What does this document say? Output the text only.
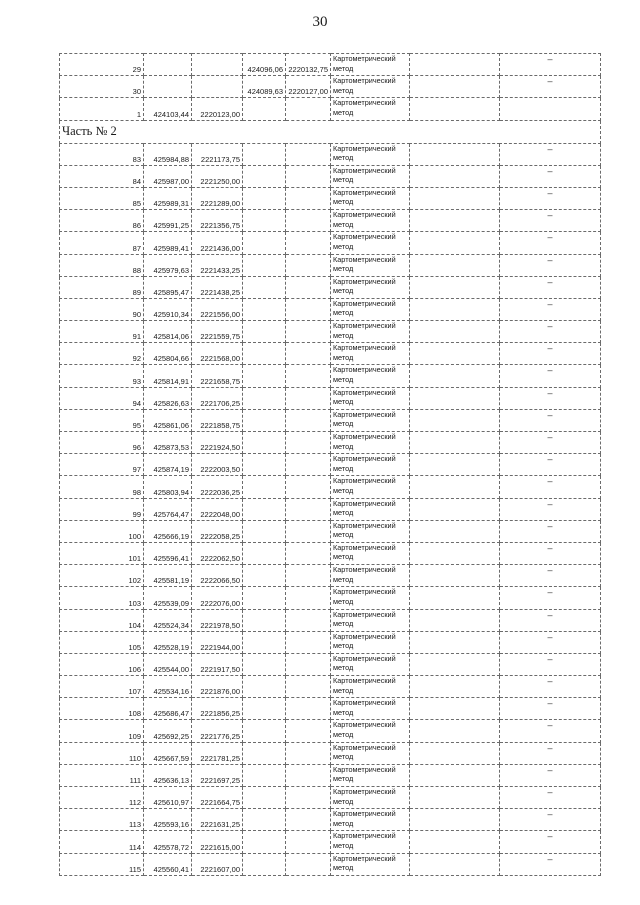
30
29			424096,06	2220132,75	Картометрический метод		–
30			424089,63	2220127,00	Картометрический метод		–
1	424103,44	2220123,00			Картометрический метод		
Часть № 2							
83	425984,88	2221173,75			Картометрический метод		–
84	425987,00	2221250,00			Картометрический метод		–
85	425989,31	2221289,00			Картометрический метод		–
86	425991,25	2221356,75			Картометрический метод		–
87	425989,41	2221436,00			Картометрический метод		–
88	425979,63	2221433,25			Картометрический метод		–
89	425895,47	2221438,25			Картометрический метод		–
90	425910,34	2221556,00			Картометрический метод		–
91	425814,06	2221559,75			Картометрический метод		–
92	425804,66	2221568,00			Картометрический метод		–
93	425814,91	2221658,75			Картометрический метод		–
94	425826,63	2221706,25			Картометрический метод		–
95	425861,06	2221858,75			Картометрический метод		–
96	425873,53	2221924,50			Картометрический метод		–
97	425874,19	2222003,50			Картометрический метод		–
98	425803,94	2222036,25			Картометрический метод		–
99	425764,47	2222048,00			Картометрический метод		–
100	425666,19	2222058,25			Картометрический метод		–
101	425596,41	2222062,50			Картометрический метод		–
102	425581,19	2222066,50			Картометрический метод		–
103	425539,09	2222076,00			Картометрический метод		–
104	425524,34	2221978,50			Картометрический метод		–
105	425528,19	2221944,00			Картометрический метод		–
106	425544,00	2221917,50			Картометрический метод		–
107	425534,16	2221876,00			Картометрический метод		–
108	425686,47	2221856,25			Картометрический метод		–
109	425692,25	2221776,25			Картометрический метод		–
110	425667,59	2221781,25			Картометрический метод		–
111	425636,13	2221697,25			Картометрический метод		–
112	425610,97	2221664,75			Картометрический метод		–
113	425593,16	2221631,25			Картометрический метод		–
114	425578,72	2221615,00			Картометрический метод		–
115	425560,41	2221607,00			Картометрический метод		–
